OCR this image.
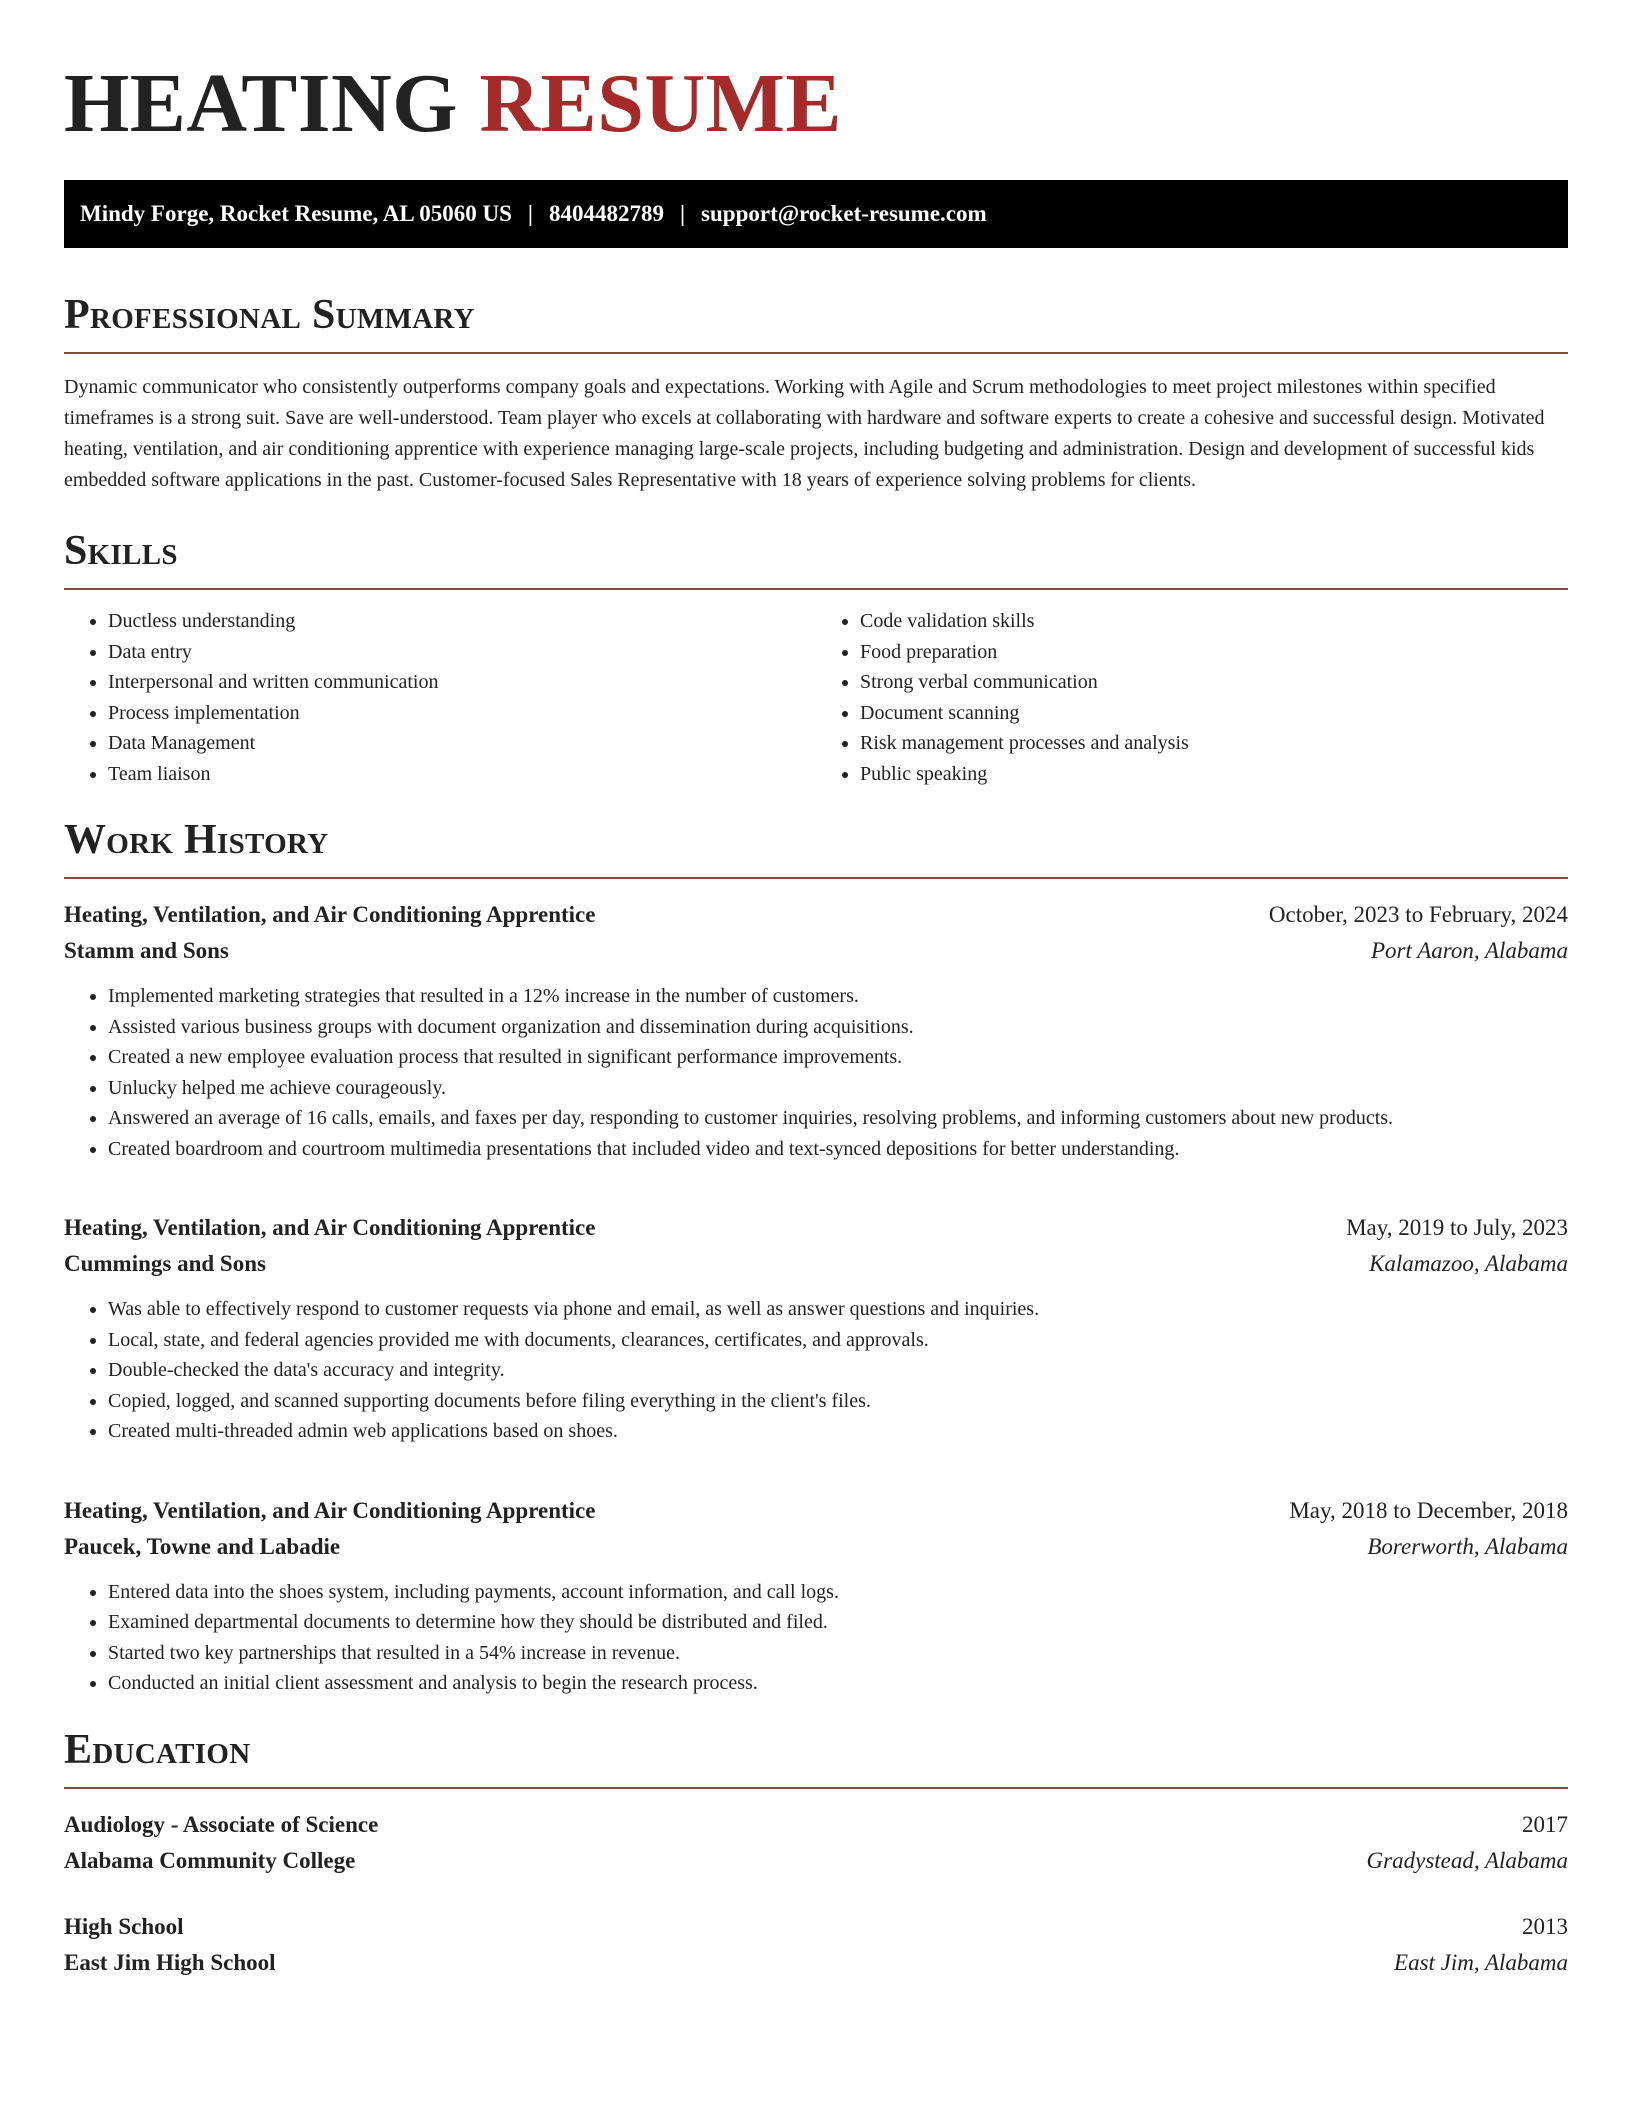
HEATING RESUME
Mindy Forge, Rocket Resume, AL 05060 US | 8404482789 | support@rocket-resume.com
Professional Summary

Dynamic communicator who consistently outperforms company goals and expectations. Working with Agile and Scrum methodologies to meet project milestones within specified timeframes is a strong suit. Save are well-understood. Team player who excels at collaborating with hardware and software experts to create a cohesive and successful design. Motivated heating, ventilation, and air conditioning apprentice with experience managing large-scale projects, including budgeting and administration. Design and development of successful kids embedded software applications in the past. Customer-focused Sales Representative with 18 years of experience solving problems for clients.

Skills
• Ductless understanding
• Data entry
• Interpersonal and written communication
• Process implementation
• Data Management
• Team liaison
• Code validation skills
• Food preparation
• Strong verbal communication
• Document scanning
• Risk management processes and analysis
• Public speaking
Work History
Heating, Ventilation, and Air Conditioning Apprentice	October, 2023 to February, 2024
Stamm and Sons	Port Aaron, Alabama
• Implemented marketing strategies that resulted in a 12% increase in the number of customers.
• Assisted various business groups with document organization and dissemination during acquisitions.
• Created a new employee evaluation process that resulted in significant performance improvements.
• Unlucky helped me achieve courageously.
• Answered an average of 16 calls, emails, and faxes per day, responding to customer inquiries, resolving problems, and informing customers about new products.
• Created boardroom and courtroom multimedia presentations that included video and text-synced depositions for better understanding.
Heating, Ventilation, and Air Conditioning Apprentice	May, 2019 to July, 2023
Cummings and Sons	Kalamazoo, Alabama
• Was able to effectively respond to customer requests via phone and email, as well as answer questions and inquiries.
• Local, state, and federal agencies provided me with documents, clearances, certificates, and approvals.
• Double-checked the data's accuracy and integrity.
• Copied, logged, and scanned supporting documents before filing everything in the client's files.
• Created multi-threaded admin web applications based on shoes.
Heating, Ventilation, and Air Conditioning Apprentice	May, 2018 to December, 2018
Paucek, Towne and Labadie	Borerworth, Alabama
• Entered data into the shoes system, including payments, account information, and call logs.
• Examined departmental documents to determine how they should be distributed and filed.
• Started two key partnerships that resulted in a 54% increase in revenue.
• Conducted an initial client assessment and analysis to begin the research process.
Education
Audiology - Associate of Science	2017
Alabama Community College	Gradystead, Alabama
High School	2013
East Jim High School	East Jim, Alabama
